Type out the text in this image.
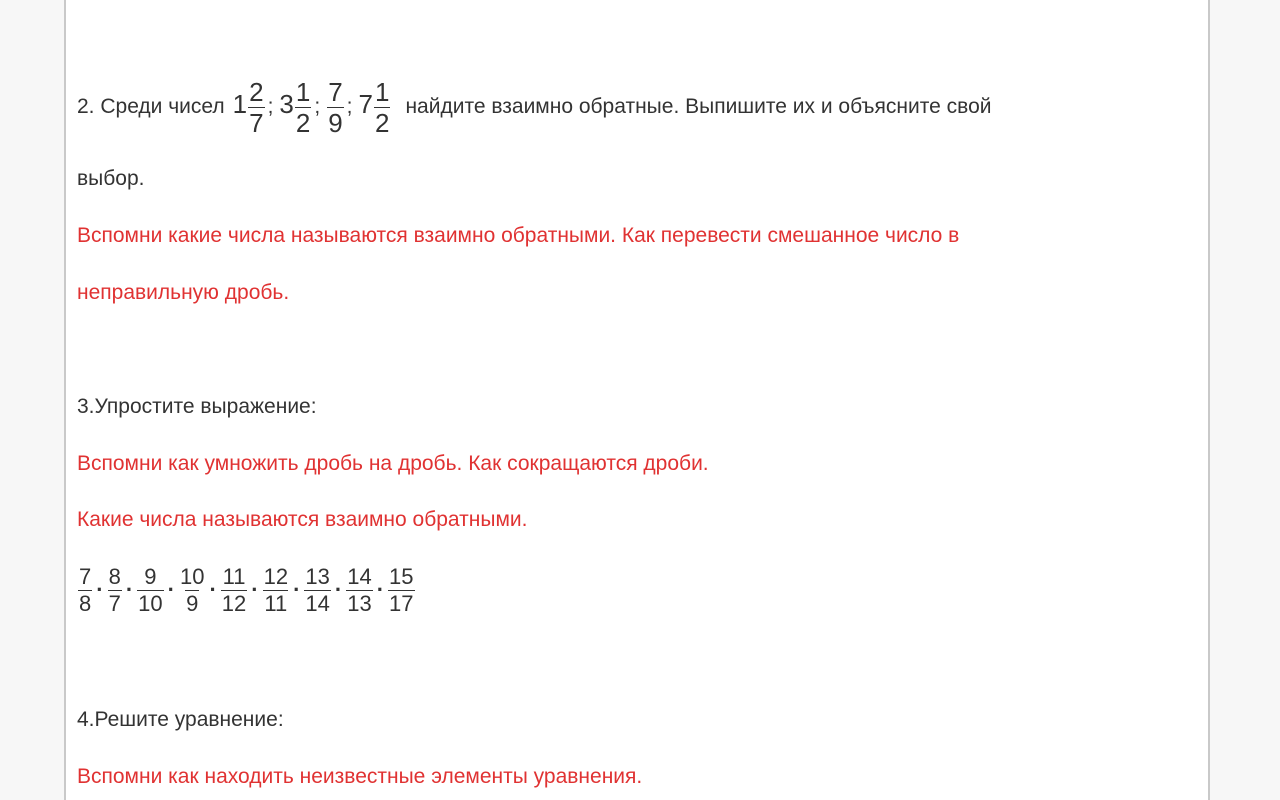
2. Среди чисел $1 \frac{2}{7}$ ; $3 \frac{1}{2}$ ; $\frac{7}{9}$ ; $7 \frac{1}{2}$ найдите взаимно обратные. Выпишите их и объясните свой
выбор.
Вспомни какие числа называются взаимно обратными. Как перевести смешанное число в
неправильную дробь.
3.Упростите выражение:
Вспомни как умножить дробь на дробь. Как сокращаются дроби.
Какие числа называются взаимно обратными.
$\frac{7}{8} \cdot \frac{8}{7} \cdot \frac{9}{10} \cdot \frac{10}{9} \cdot \frac{11}{12} \cdot \frac{12}{11} \cdot \frac{13}{14} \cdot \frac{14}{13} \cdot \frac{15}{17}$
4.Решите уравнение:
Вспомни как находить неизвестные элементы уравнения.
